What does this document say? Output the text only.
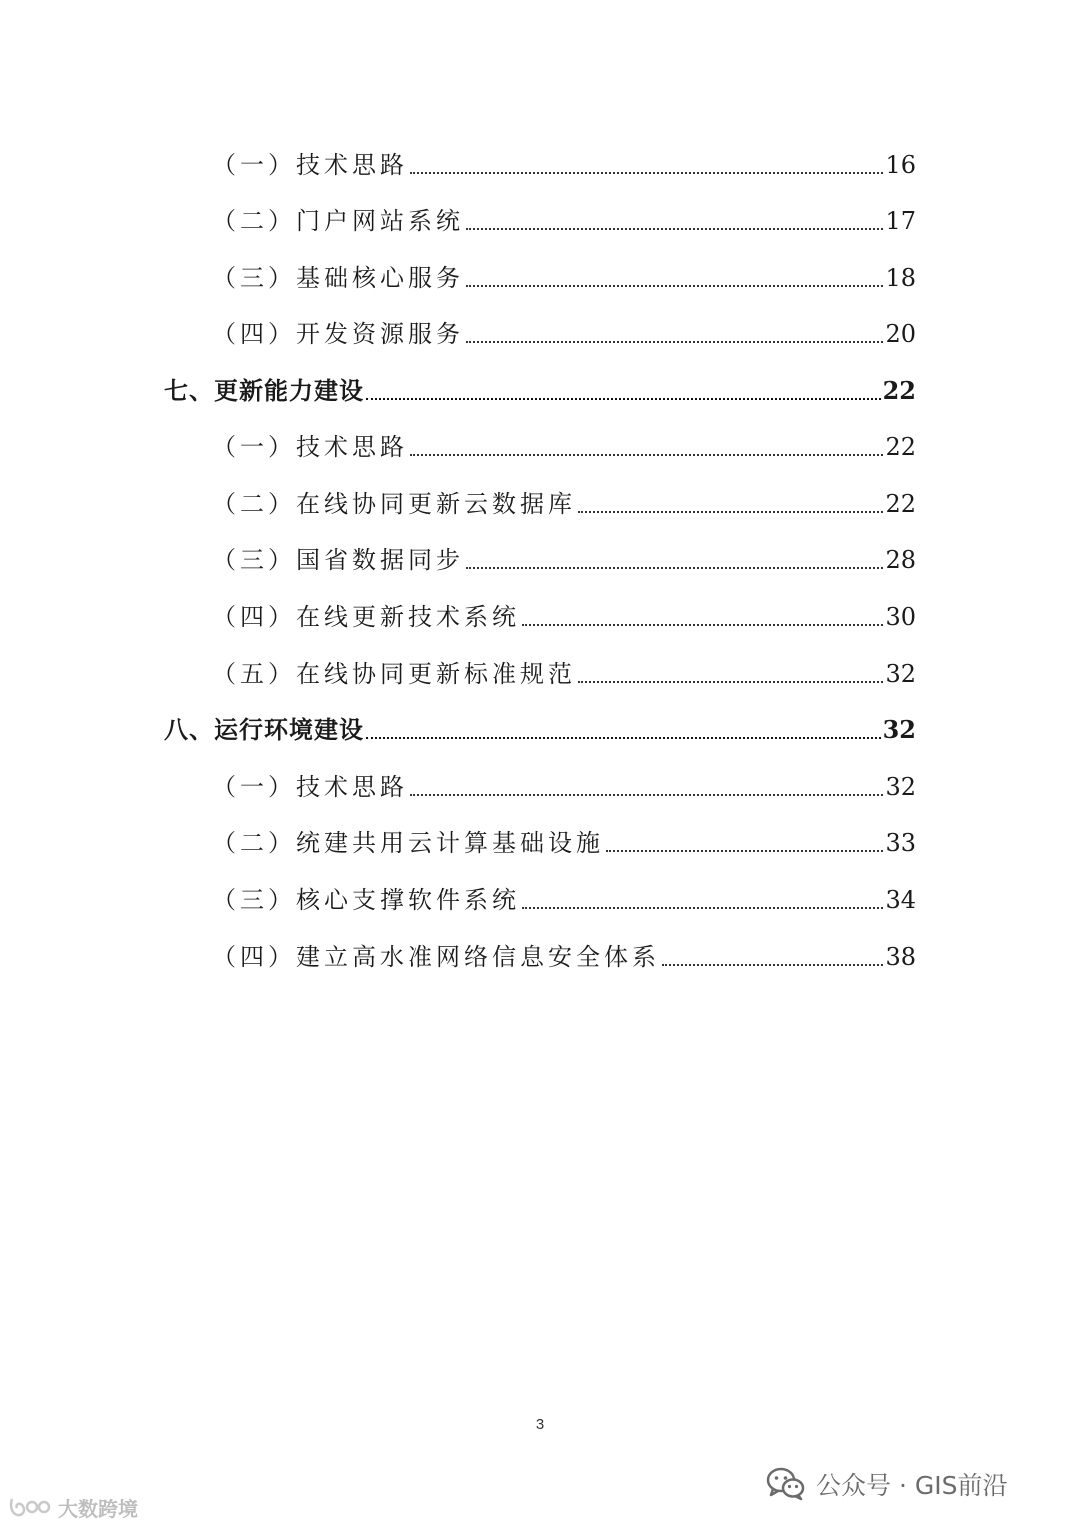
（一）技术思路	16
（二）门户网站系统	17
（三）基础核心服务	18
（四）开发资源服务	20
七、更新能力建设	22
（一）技术思路	22
（二）在线协同更新云数据库	22
（三）国省数据同步	28
（四）在线更新技术系统	30
（五）在线协同更新标准规范	32
八、运行环境建设	32
（一）技术思路	32
（二）统建共用云计算基础设施	33
（三）核心支撑软件系统	34
（四）建立高水准网络信息安全体系	38
3
公众号 · GIS前沿
大数跨境
